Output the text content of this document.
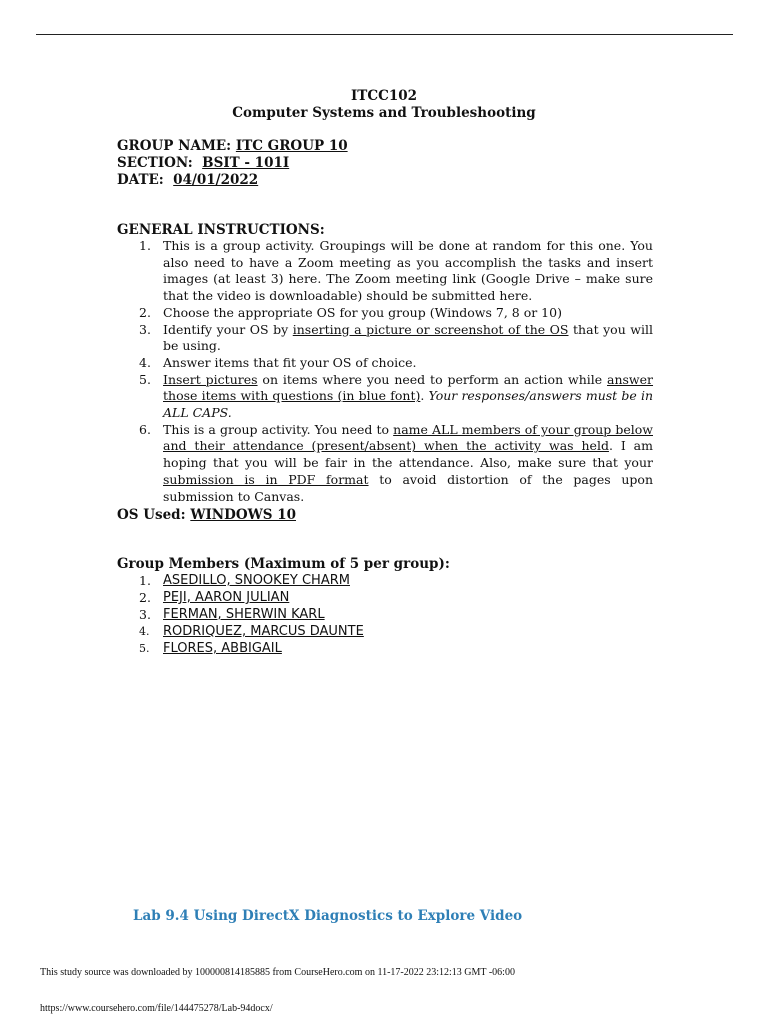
ITCC102
Computer Systems and Troubleshooting
GROUP NAME: ITC GROUP 10
SECTION: BSIT - 101I
DATE: 04/01/2022
GENERAL INSTRUCTIONS:
1. This is a group activity. Groupings will be done at random for this one. You also need to have a Zoom meeting as you accomplish the tasks and insert images (at least 3) here. The Zoom meeting link (Google Drive – make sure that the video is downloadable) should be submitted here.
2. Choose the appropriate OS for you group (Windows 7, 8 or 10)
3. Identify your OS by inserting a picture or screenshot of the OS that you will be using.
4. Answer items that fit your OS of choice.
5. Insert pictures on items where you need to perform an action while answer those items with questions (in blue font). Your responses/answers must be in ALL CAPS.
6. This is a group activity. You need to name ALL members of your group below and their attendance (present/absent) when the activity was held. I am hoping that you will be fair in the attendance. Also, make sure that your submission is in PDF format to avoid distortion of the pages upon submission to Canvas.
OS Used: WINDOWS 10
Group Members (Maximum of 5 per group):
1. ASEDILLO, SNOOKEY CHARM
2. PEJI, AARON JULIAN
3. FERMAN, SHERWIN KARL
4. RODRIQUEZ, MARCUS DAUNTE
5. FLORES, ABBIGAIL
Lab 9.4 Using DirectX Diagnostics to Explore Video
This study source was downloaded by 100000814185885 from CourseHero.com on 11-17-2022 23:12:13 GMT -06:00
https://www.coursehero.com/file/144475278/Lab-94docx/
